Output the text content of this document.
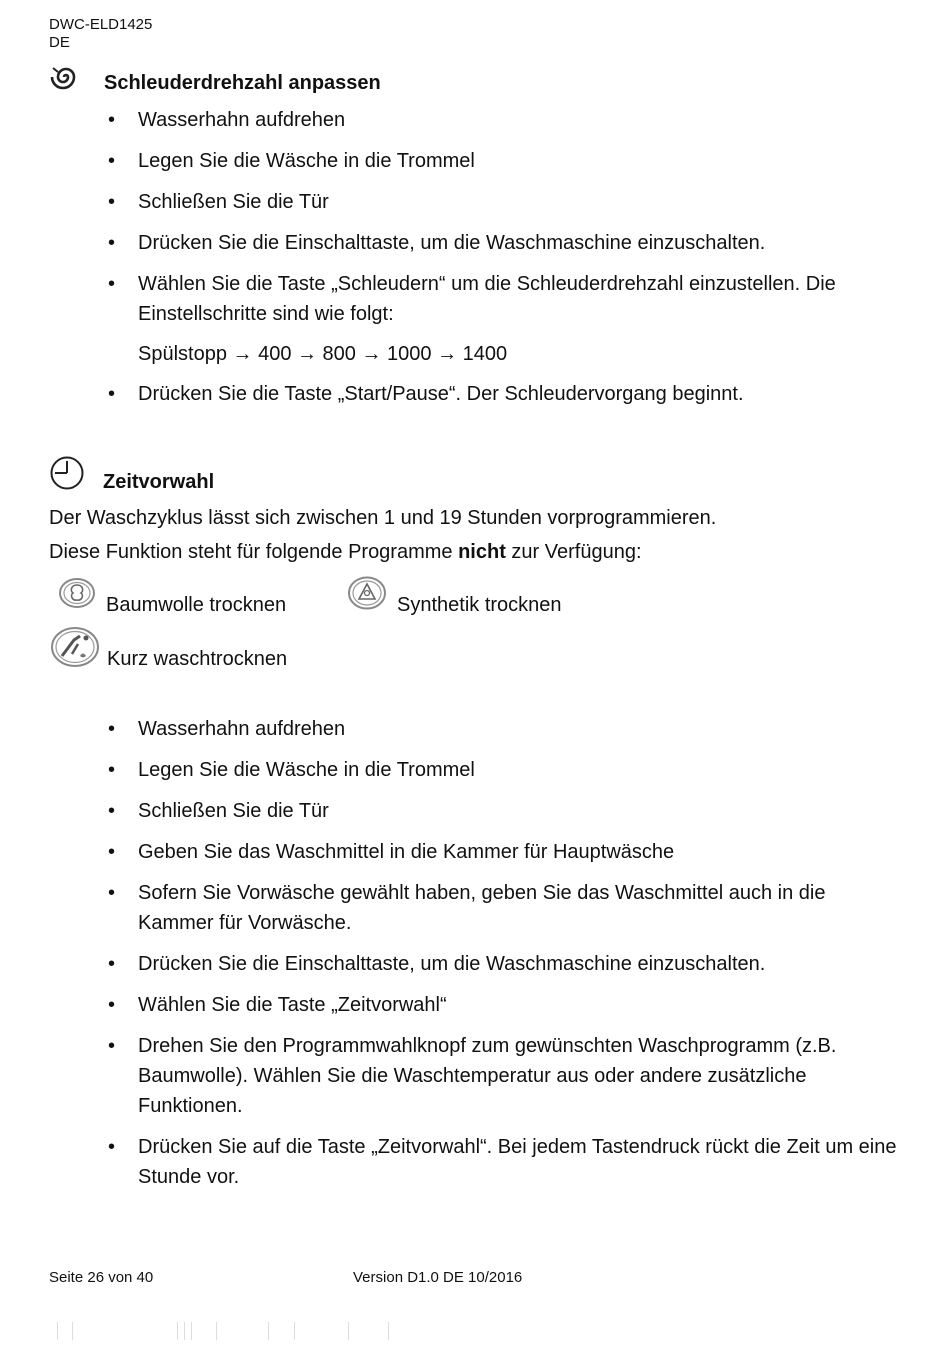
DWC-ELD1425
DE
Schleuderdrehzahl anpassen
• Wasserhahn aufdrehen
• Legen Sie die Wäsche in die Trommel
• Schließen Sie die Tür
• Drücken Sie die Einschalttaste, um die Waschmaschine einzuschalten.
• Wählen Sie die Taste „Schleudern“ um die Schleuderdrehzahl einzustellen. Die Einstellschritte sind wie folgt:
Spülstopp → 400 → 800 → 1000 → 1400
• Drücken Sie die Taste „Start/Pause“. Der Schleudervorgang beginnt.
Zeitvorwahl
Der Waschzyklus lässt sich zwischen 1 und 19 Stunden vorprogrammieren.
Diese Funktion steht für folgende Programme nicht zur Verfügung:
Baumwolle trocknen	Synthetik trocknen
Kurz waschtrocknen
• Wasserhahn aufdrehen
• Legen Sie die Wäsche in die Trommel
• Schließen Sie die Tür
• Geben Sie das Waschmittel in die Kammer für Hauptwäsche
• Sofern Sie Vorwäsche gewählt haben, geben Sie das Waschmittel auch in die Kammer für Vorwäsche.
• Drücken Sie die Einschalttaste, um die Waschmaschine einzuschalten.
• Wählen Sie die Taste „Zeitvorwahl“
• Drehen Sie den Programmwahlknopf zum gewünschten Waschprogramm (z.B. Baumwolle). Wählen Sie die Waschtemperatur aus oder andere zusätzliche Funktionen.
• Drücken Sie auf die Taste „Zeitvorwahl“. Bei jedem Tastendruck rückt die Zeit um eine Stunde vor.
Seite 26 von 40	Version D1.0 DE 10/2016
